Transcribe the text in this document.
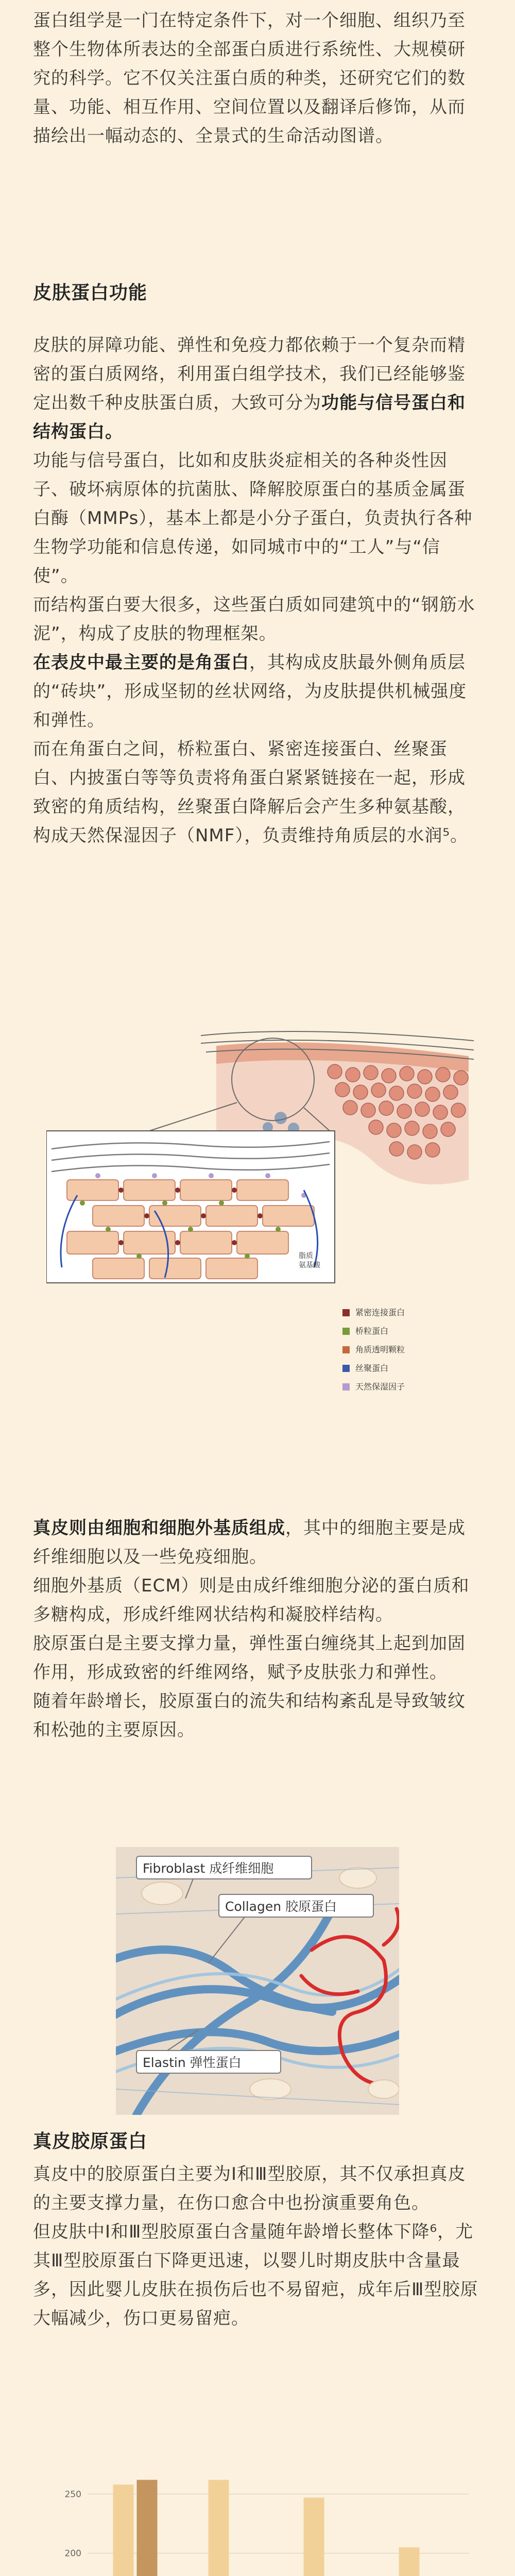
蛋白组学是一门在特定条件下，对一个细胞、组织乃至整个生物体所表达的全部蛋白质进行系统性、大规模研究的科学。它不仅关注蛋白质的种类，还研究它们的数量、功能、相互作用、空间位置以及翻译后修饰，从而描绘出一幅动态的、全景式的生命活动图谱。

皮肤蛋白功能

皮肤的屏障功能、弹性和免疫力都依赖于一个复杂而精密的蛋白质网络，利用蛋白组学技术，我们已经能够鉴定出数千种皮肤蛋白质，大致可分为功能与信号蛋白和结构蛋白。

功能与信号蛋白，比如和皮肤炎症相关的各种炎性因子、破坏病原体的抗菌肽、降解胶原蛋白的基质金属蛋白酶（MMPs），基本上都是小分子蛋白，负责执行各种生物学功能和信息传递，如同城市中的“工人”与“信使”。

而结构蛋白要大很多，这些蛋白质如同建筑中的“钢筋水泥”，构成了皮肤的物理框架。

在表皮中最主要的是角蛋白，其构成皮肤最外侧角质层的“砖块”，形成坚韧的丝状网络，为皮肤提供机械强度和弹性。

而在角蛋白之间，桥粒蛋白、紧密连接蛋白、丝聚蛋白、内披蛋白等等负责将角蛋白紧紧链接在一起，形成致密的角质结构，丝聚蛋白降解后会产生多种氨基酸，构成天然保湿因子（NMF），负责维持角质层的水润⁵。

脂质氨基酸
紧密连接蛋白
桥粒蛋白
角质透明颗粒
丝聚蛋白
天然保湿因子

真皮则由细胞和细胞外基质组成，其中的细胞主要是成纤维细胞以及一些免疫细胞。

细胞外基质（ECM）则是由成纤维细胞分泌的蛋白质和多糖构成，形成纤维网状结构和凝胶样结构。

胶原蛋白是主要支撑力量，弹性蛋白缠绕其上起到加固作用，形成致密的纤维网络，赋予皮肤张力和弹性。

随着年龄增长，胶原蛋白的流失和结构紊乱是导致皱纹和松弛的主要原因。

Fibroblast 成纤维细胞
Collagen 胶原蛋白
Elastin 弹性蛋白
真皮胶原蛋白

真皮中的胶原蛋白主要为Ⅰ和Ⅲ型胶原，其不仅承担真皮的主要支撑力量，在伤口愈合中也扮演重要角色。

但皮肤中Ⅰ和Ⅲ型胶原蛋白含量随年龄增长整体下降⁶，尤其Ⅲ型胶原蛋白下降更迅速，以婴儿时期皮肤中含量最多，因此婴儿皮肤在损伤后也不易留疤，成年后Ⅲ型胶原大幅减少，伤口更易留疤。

200
250
